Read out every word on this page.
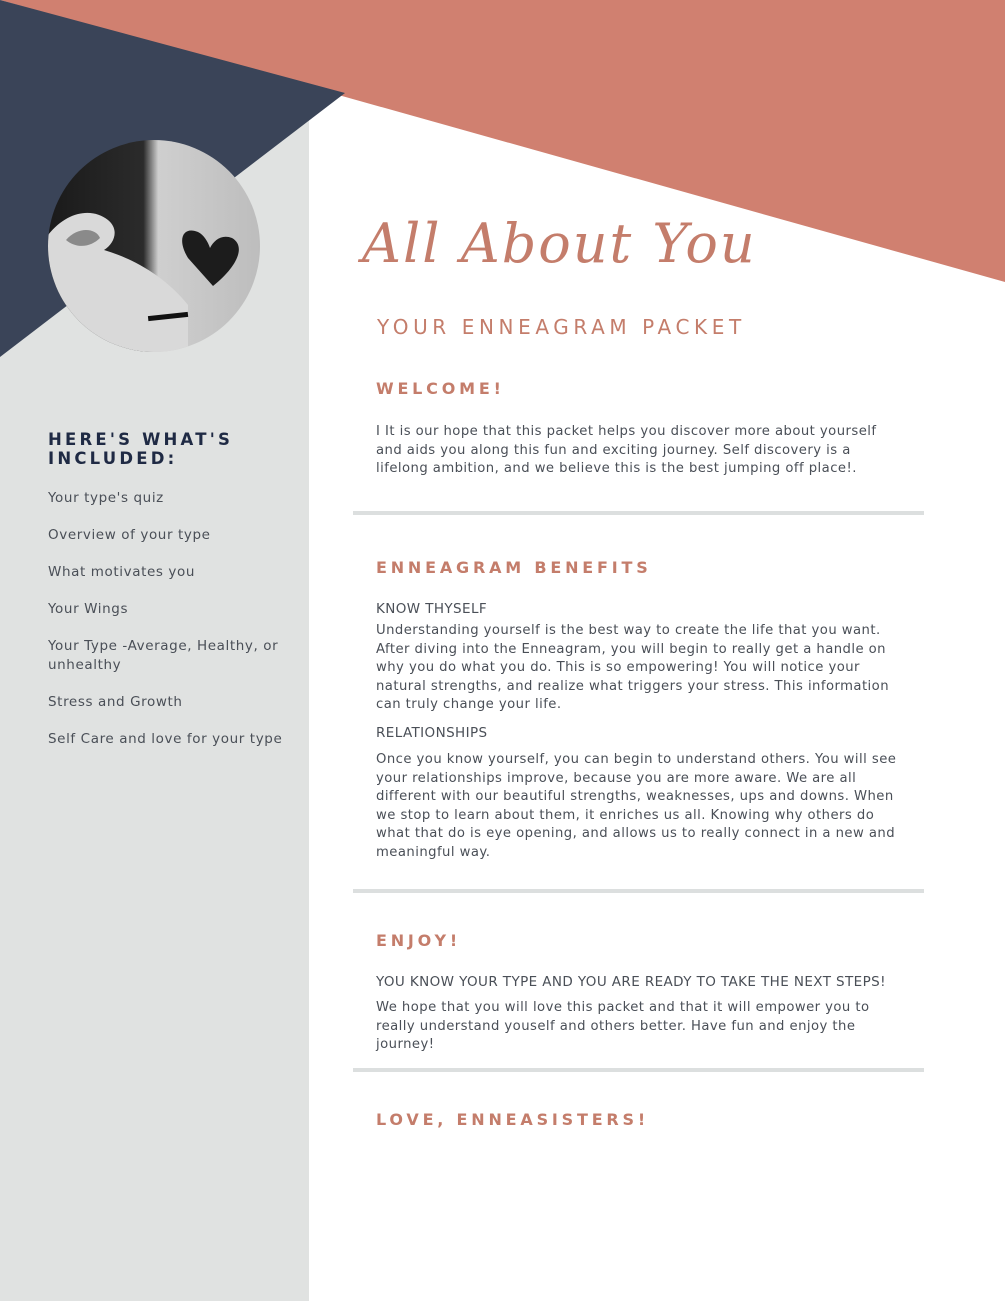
HERE'S WHAT'S INCLUDED:
Your type's quiz
Overview of your type
What motivates you
Your Wings
Your Type -Average, Healthy, or unhealthy
Stress and Growth
Self Care and love for your type
All About You
YOUR ENNEAGRAM PACKET
WELCOME!

I It is our hope that this packet helps you discover more about yourself and aids you along this fun and exciting journey. Self discovery is a lifelong ambition, and we believe this is the best jumping off place!.

ENNEAGRAM BENEFITS

KNOW THYSELF

Understanding yourself is the best way to create the life that you want. After diving into the Enneagram, you will begin to really get a handle on why you do what you do. This is so empowering! You will notice your natural strengths, and realize what triggers your stress. This information can truly change your life.

RELATIONSHIPS

Once you know yourself, you can begin to understand others. You will see your relationships improve, because you are more aware. We are all different with our beautiful strengths, weaknesses, ups and downs. When we stop to learn about them, it enriches us all. Knowing why others do what that do is eye opening, and allows us to really connect in a new and meaningful way.

ENJOY!

YOU KNOW YOUR TYPE AND YOU ARE READY TO TAKE THE NEXT STEPS!

We hope that you will love this packet and that it will empower you to really understand youself and others better. Have fun and enjoy the journey!

LOVE, ENNEASISTERS!
